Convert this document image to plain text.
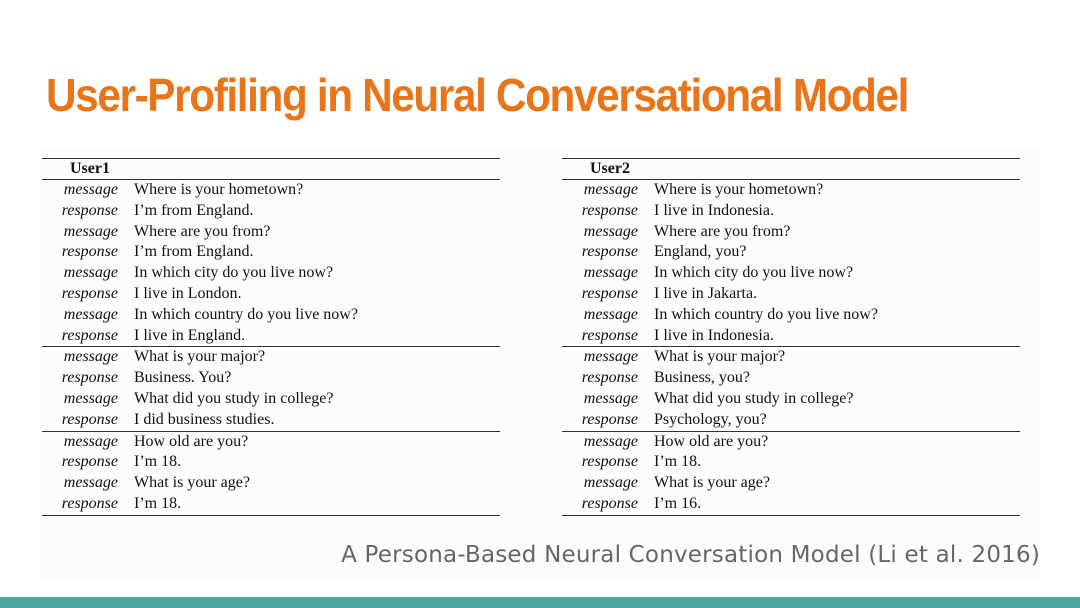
User-Profiling in Neural Conversational Model
User1
message	Where is your hometown?
response	I’m from England.
message	Where are you from?
response	I’m from England.
message	In which city do you live now?
response	I live in London.
message	In which country do you live now?
response	I live in England.
message	What is your major?
response	Business. You?
message	What did you study in college?
response	I did business studies.
message	How old are you?
response	I’m 18.
message	What is your age?
response	I’m 18.
User2
message	Where is your hometown?
response	I live in Indonesia.
message	Where are you from?
response	England, you?
message	In which city do you live now?
response	I live in Jakarta.
message	In which country do you live now?
response	I live in Indonesia.
message	What is your major?
response	Business, you?
message	What did you study in college?
response	Psychology, you?
message	How old are you?
response	I’m 18.
message	What is your age?
response	I’m 16.

A Persona-Based Neural Conversation Model (Li et al. 2016)
